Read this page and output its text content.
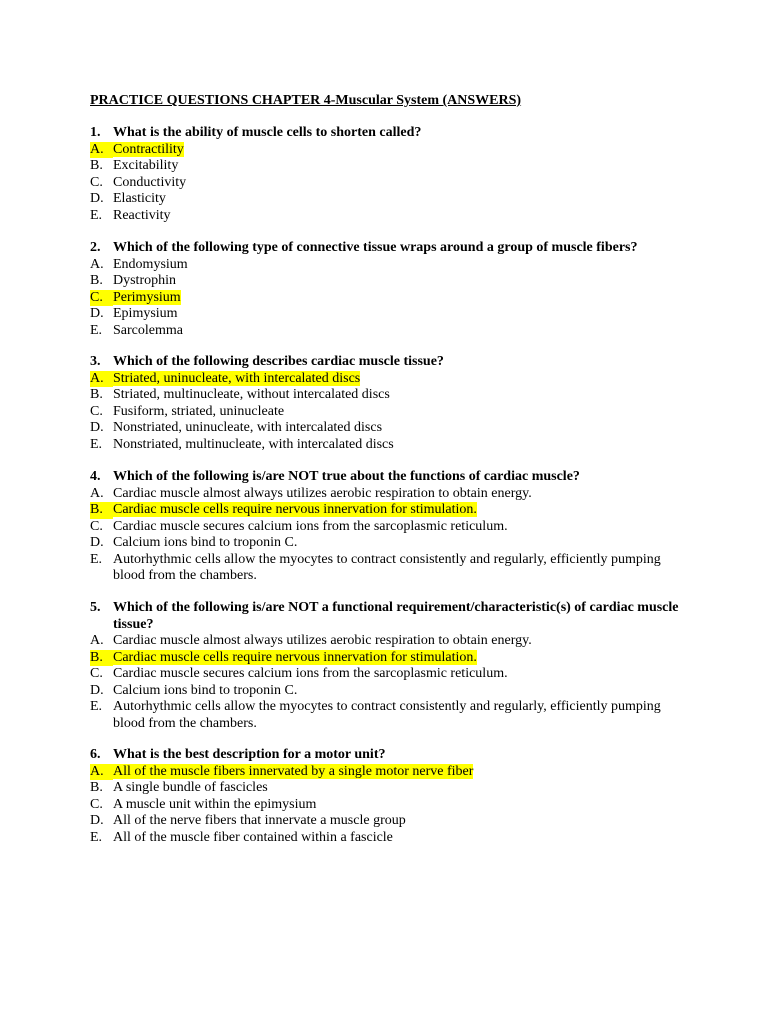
PRACTICE QUESTIONS CHAPTER 4-Muscular System (ANSWERS)
1. What is the ability of muscle cells to shorten called?
A. Contractility
B. Excitability
C. Conductivity
D. Elasticity
E. Reactivity
2. Which of the following type of connective tissue wraps around a group of muscle fibers?
A. Endomysium
B. Dystrophin
C. Perimysium
D. Epimysium
E. Sarcolemma
3. Which of the following describes cardiac muscle tissue?
A. Striated, uninucleate, with intercalated discs
B. Striated, multinucleate, without intercalated discs
C. Fusiform, striated, uninucleate
D. Nonstriated, uninucleate, with intercalated discs
E. Nonstriated, multinucleate, with intercalated discs
4. Which of the following is/are NOT true about the functions of cardiac muscle?
A. Cardiac muscle almost always utilizes aerobic respiration to obtain energy.
B. Cardiac muscle cells require nervous innervation for stimulation.
C. Cardiac muscle secures calcium ions from the sarcoplasmic reticulum.
D. Calcium ions bind to troponin C.
E. Autorhythmic cells allow the myocytes to contract consistently and regularly, efficiently pumping blood from the chambers.
5. Which of the following is/are NOT a functional requirement/characteristic(s) of cardiac muscle tissue?
A. Cardiac muscle almost always utilizes aerobic respiration to obtain energy.
B. Cardiac muscle cells require nervous innervation for stimulation.
C. Cardiac muscle secures calcium ions from the sarcoplasmic reticulum.
D. Calcium ions bind to troponin C.
E. Autorhythmic cells allow the myocytes to contract consistently and regularly, efficiently pumping blood from the chambers.
6. What is the best description for a motor unit?
A. All of the muscle fibers innervated by a single motor nerve fiber
B. A single bundle of fascicles
C. A muscle unit within the epimysium
D. All of the nerve fibers that innervate a muscle group
E. All of the muscle fiber contained within a fascicle
